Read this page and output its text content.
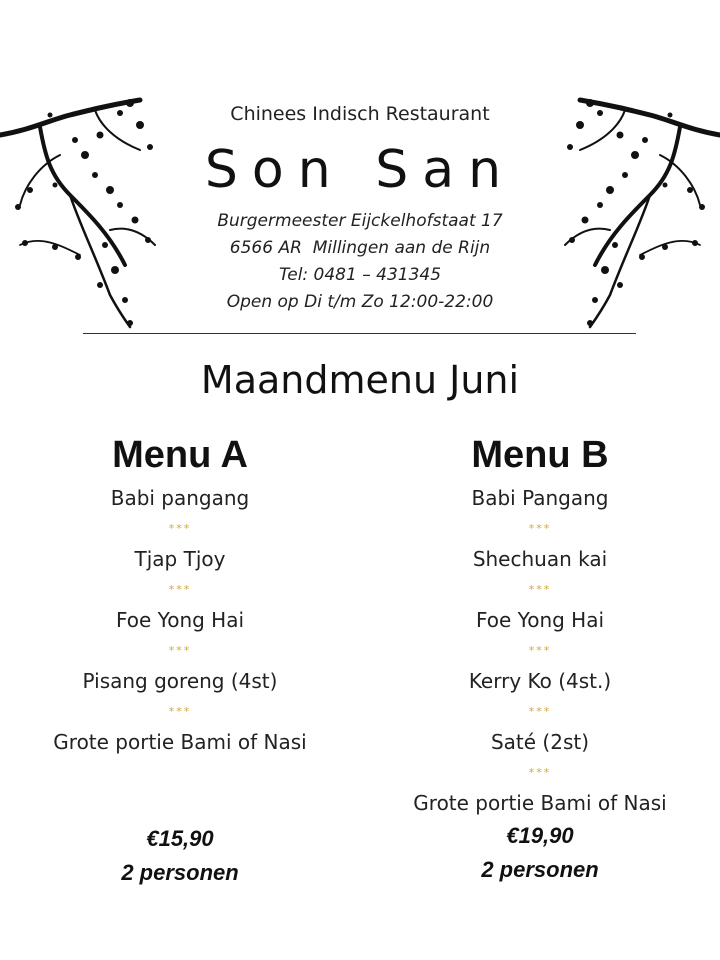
Chinees Indisch Restaurant
Son San
Burgermeester Eijckelhofstaat 17
6566 AR  Millingen aan de Rijn
Tel: 0481 – 431345
Open op Di t/m Zo 12:00-22:00
Maandmenu Juni
Menu A
Babi pangang
***
Tjap Tjoy
***
Foe Yong Hai
***
Pisang goreng (4st)
***
Grote portie Bami of Nasi
€15,90
2 personen
Menu B
Babi Pangang
***
Shechuan kai
***
Foe Yong Hai
***
Kerry Ko (4st.)
***
Saté (2st)
***
Grote portie Bami of Nasi
€19,90
2 personen
